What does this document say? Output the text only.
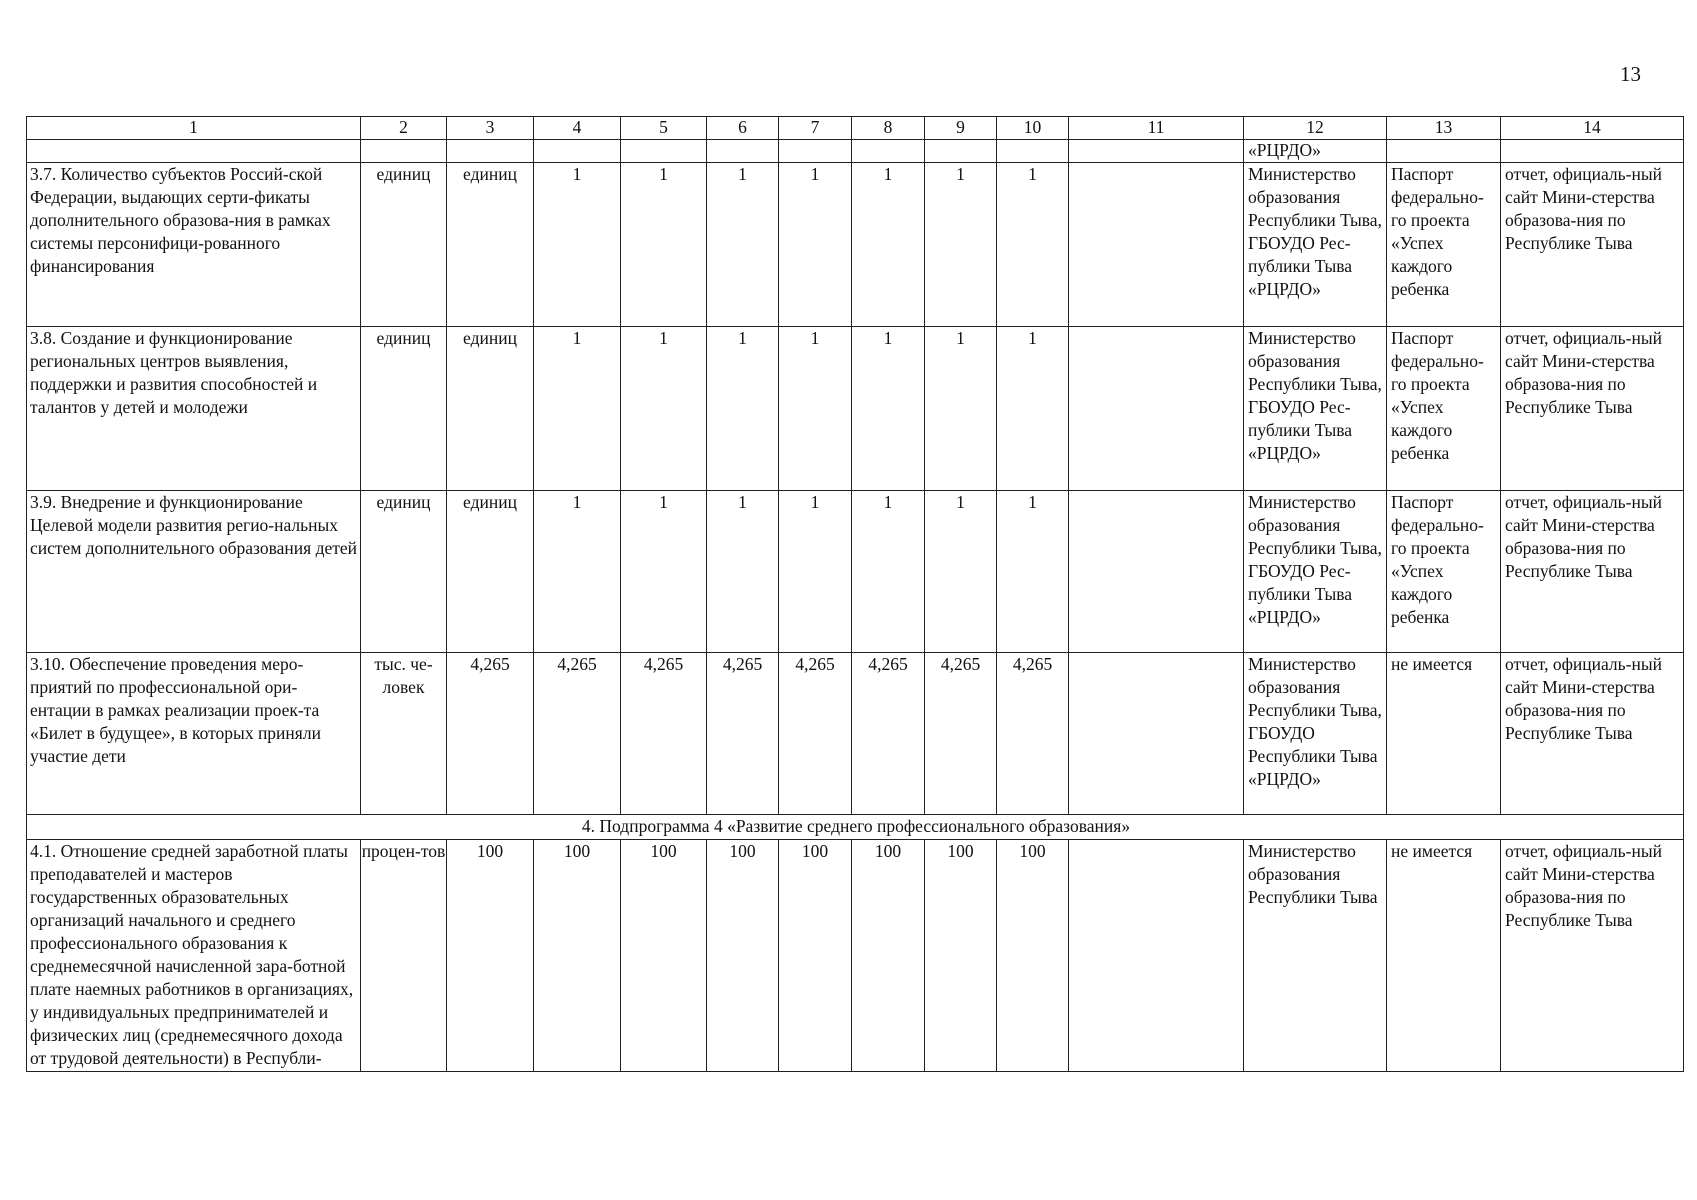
13
1	2	3	4	5	6	7	8	9	10	11	12	13	14
											«РЦРДО»		
3.7. Количество субъектов Россий-ской Федерации, выдающих серти-фикаты дополнительного образова-ния в рамках системы персонифици-рованного финансирования	единиц	единиц	1	1	1	1	1	1	1		Министерство образования Республики Тыва, ГБОУДО Рес-публики Тыва «РЦРДО»	Паспорт федерально-го проекта «Успех каждого ребенка	отчет, официаль-ный сайт Мини-стерства образова-ния по Республике Тыва
3.8. Создание и функционирование региональных центров выявления, поддержки и развития способностей и талантов у детей и молодежи	единиц	единиц	1	1	1	1	1	1	1		Министерство образования Республики Тыва, ГБОУДО Рес-публики Тыва «РЦРДО»	Паспорт федерально-го проекта «Успех каждого ребенка	отчет, официаль-ный сайт Мини-стерства образова-ния по Республике Тыва
3.9. Внедрение и функционирование Целевой модели развития регио-нальных систем дополнительного образования детей	единиц	единиц	1	1	1	1	1	1	1		Министерство образования Республики Тыва, ГБОУДО Рес-публики Тыва «РЦРДО»	Паспорт федерально-го проекта «Успех каждого ребенка	отчет, официаль-ный сайт Мини-стерства образова-ния по Республике Тыва
3.10. Обеспечение проведения меро-приятий по профессиональной ори-ентации в рамках реализации проек-та «Билет в будущее», в которых приняли участие дети	тыс. че-ловек	4,265	4,265	4,265	4,265	4,265	4,265	4,265	4,265		Министерство образования Республики Тыва, ГБОУДО Республики Тыва «РЦРДО»	не имеется	отчет, официаль-ный сайт Мини-стерства образова-ния по Республике Тыва
4. Подпрограмма 4 «Развитие среднего профессионального образования»													
4.1. Отношение средней заработной платы преподавателей и мастеров государственных образовательных организаций начального и среднего профессионального образования к среднемесячной начисленной зара-ботной плате наемных работников в организациях, у индивидуальных предпринимателей и физических лиц (среднемесячного дохода от трудовой деятельности) в Республи-	процен-тов	100	100	100	100	100	100	100	100		Министерство образования Республики Тыва	не имеется	отчет, официаль-ный сайт Мини-стерства образова-ния по Республике Тыва
